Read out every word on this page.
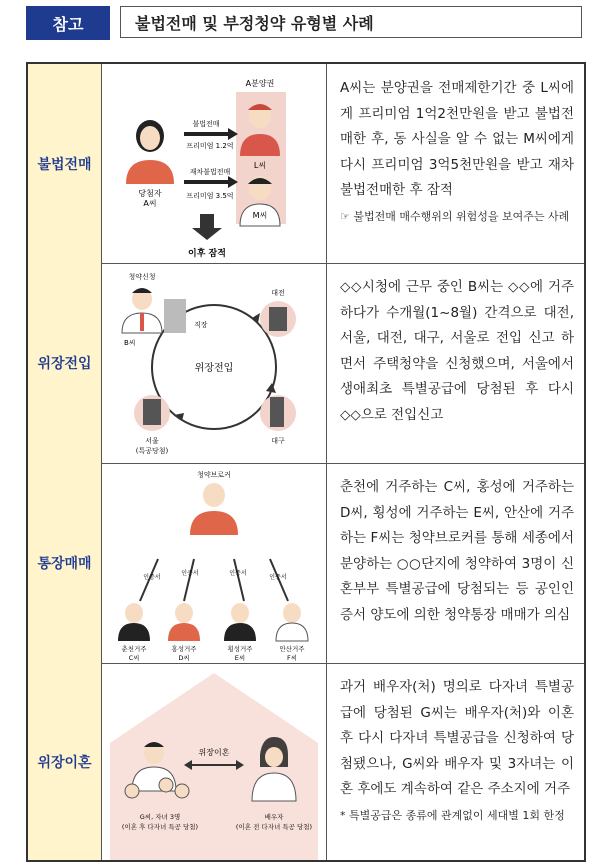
참고	불법전매 및 부정청약 유형별 사례
불법전매
A분양권
당첨자
A씨
불법전매
프리미엄 1.2억
재차불법전매
프리미엄 3.5억
L씨
M씨
이후 잠적

A씨는 분양권을 전매제한기간 중 L씨에게 프리미엄 1억2천만원을 받고 불법전매한 후, 동 사실을 알 수 없는 M씨에게 다시 프리미엄 3억5천만원을 받고 재차 불법전매한 후 잠적

☞ 불법전매 매수행위의 위험성을 보여주는 사례
위장전입
청약신청
위장전입
직장
B씨
대전
대구
서울
(특공당첨)

◇◇시청에 근무 중인 B씨는 ◇◇에 거주하다가 수개월(1~8월) 간격으로 대전, 서울, 대전, 대구, 서울로 전입 신고 하면서 주택청약을 신청했으며, 서울에서 생애최초 특별공급에 당첨된 후 다시 ◇◇으로 전입신고

통장매매
청약브로커
인증서
인증서	인증서
인증서
춘천거주
C씨
홍성거주
D씨
횡성거주
E씨
안산거주
F씨

춘천에 거주하는 C씨, 홍성에 거주하는 D씨, 횡성에 거주하는 E씨, 안산에 거주하는 F씨는 청약브로커를 통해 세종에서 분양하는 ○○단지에 청약하여 3명이 신혼부부 특별공급에 당첨되는 등 공인인증서 양도에 의한 청약통장 매매가 의심

위장이혼
위장이혼
G씨, 자녀 3명
(이혼 후 다자녀 특공 당첨)
배우자
(이혼 전 다자녀 특공 당첨)

과거 배우자(처) 명의로 다자녀 특별공급에 당첨된 G씨는 배우자(처)와 이혼 후 다시 다자녀 특별공급을 신청하여 당첨됐으나, G씨와 배우자 및 3자녀는 이혼 후에도 계속하여 같은 주소지에 거주

* 특별공급은 종류에 관계없이 세대별 1회 한정
